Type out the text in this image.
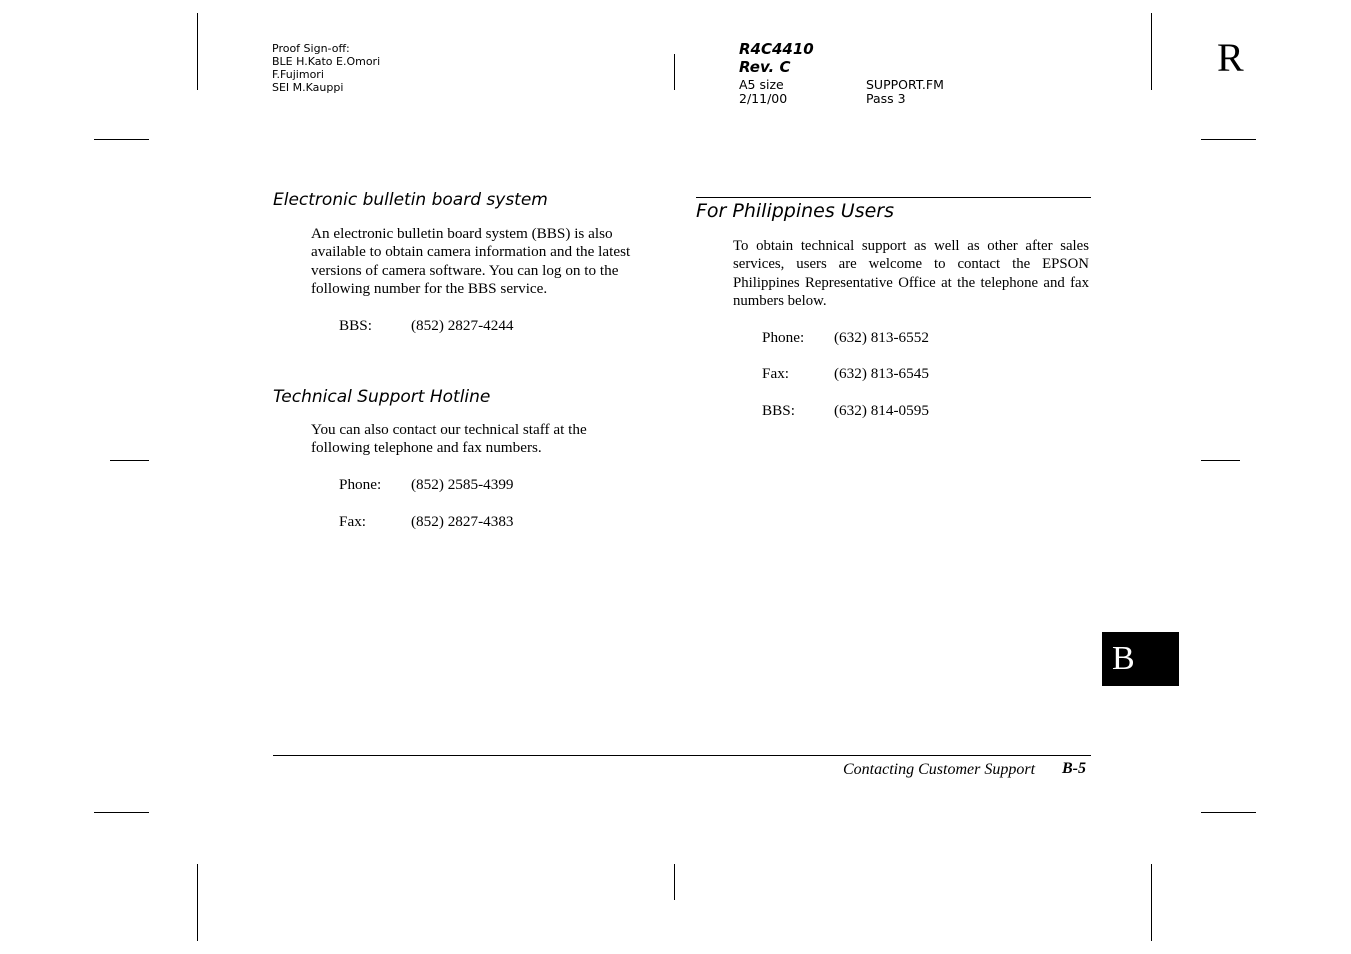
Proof Sign-off:
BLE H.Kato E.Omori
F.Fujimori
SEI M.Kauppi
R4C4410
Rev. C
A5 size
2/11/00
SUPPORT.FM
Pass 3
R
Electronic bulletin board system
An electronic bulletin board system (BBS) is also available to obtain camera information and the latest versions of camera software. You can log on to the following number for the BBS service.
BBS:	(852) 2827-4244
Technical Support Hotline
You can also contact our technical staff at the following telephone and fax numbers.
Phone: (852) 2585-4399
Fax:	(852) 2827-4383
For Philippines Users
To obtain technical support as well as other after sales services, users are welcome to contact the EPSON Philippines Representative Office at the telephone and fax numbers below.
Phone: (632) 813-6552
Fax:	(632) 813-6545
BBS:	(632) 814-0595
B
Contacting Customer Support B-5
